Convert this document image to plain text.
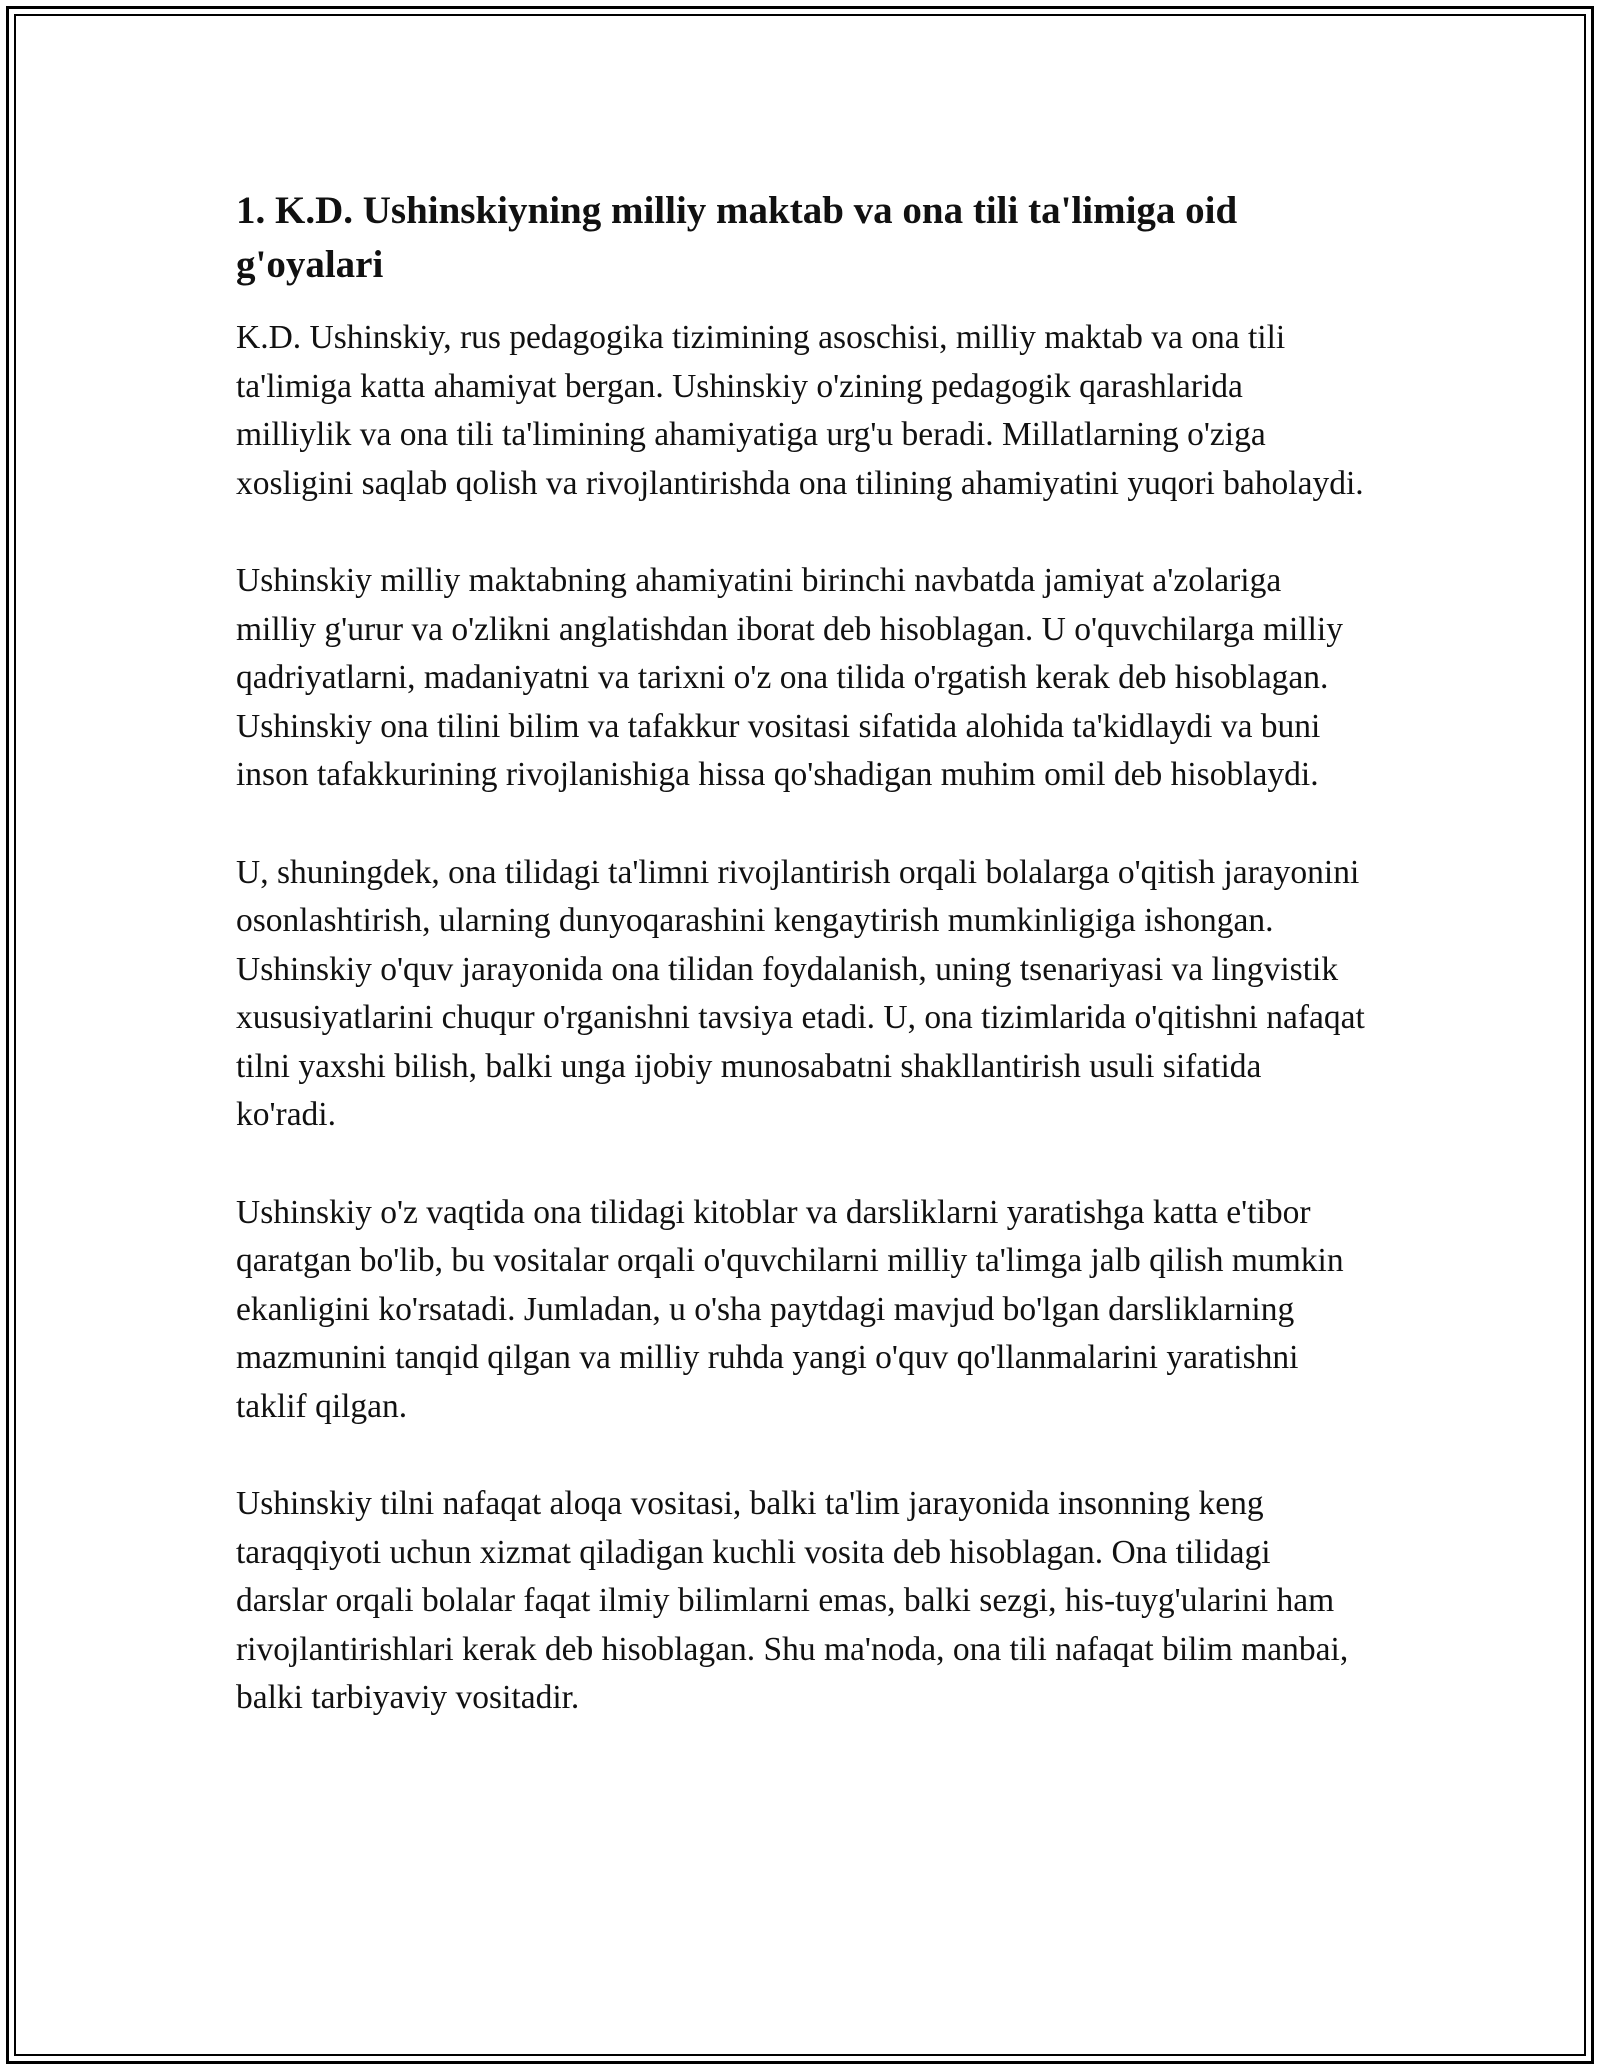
1. K.D. Ushinskiyning milliy maktab va ona tili ta'limiga oid g'oyalari

K.D. Ushinskiy, rus pedagogika tizimining asoschisi, milliy maktab va ona tili ta'limiga katta ahamiyat bergan. Ushinskiy o'zining pedagogik qarashlarida milliylik va ona tili ta'limining ahamiyatiga urg'u beradi. Millatlarning o'ziga xosligini saqlab qolish va rivojlantirishda ona tilining ahamiyatini yuqori baholaydi.

Ushinskiy milliy maktabning ahamiyatini birinchi navbatda jamiyat a'zolariga milliy g'urur va o'zlikni anglatishdan iborat deb hisoblagan. U o'quvchilarga milliy qadriyatlarni, madaniyatni va tarixni o'z ona tilida o'rgatish kerak deb hisoblagan. Ushinskiy ona tilini bilim va tafakkur vositasi sifatida alohida ta'kidlaydi va buni inson tafakkurining rivojlanishiga hissa qo'shadigan muhim omil deb hisoblaydi.

U, shuningdek, ona tilidagi ta'limni rivojlantirish orqali bolalarga o'qitish jarayonini osonlashtirish, ularning dunyoqarashini kengaytirish mumkinligiga ishongan. Ushinskiy o'quv jarayonida ona tilidan foydalanish, uning tsenariyasi va lingvistik xususiyatlarini chuqur o'rganishni tavsiya etadi. U, ona tizimlarida o'qitishni nafaqat tilni yaxshi bilish, balki unga ijobiy munosabatni shakllantirish usuli sifatida ko'radi.

Ushinskiy o'z vaqtida ona tilidagi kitoblar va darsliklarni yaratishga katta e'tibor qaratgan bo'lib, bu vositalar orqali o'quvchilarni milliy ta'limga jalb qilish mumkin ekanligini ko'rsatadi. Jumladan, u o'sha paytdagi mavjud bo'lgan darsliklarning mazmunini tanqid qilgan va milliy ruhda yangi o'quv qo'llanmalarini yaratishni taklif qilgan.

Ushinskiy tilni nafaqat aloqa vositasi, balki ta'lim jarayonida insonning keng taraqqiyoti uchun xizmat qiladigan kuchli vosita deb hisoblagan. Ona tilidagi darslar orqali bolalar faqat ilmiy bilimlarni emas, balki sezgi, his-tuyg'ularini ham rivojlantirishlari kerak deb hisoblagan. Shu ma'noda, ona tili nafaqat bilim manbai, balki tarbiyaviy vositadir.
